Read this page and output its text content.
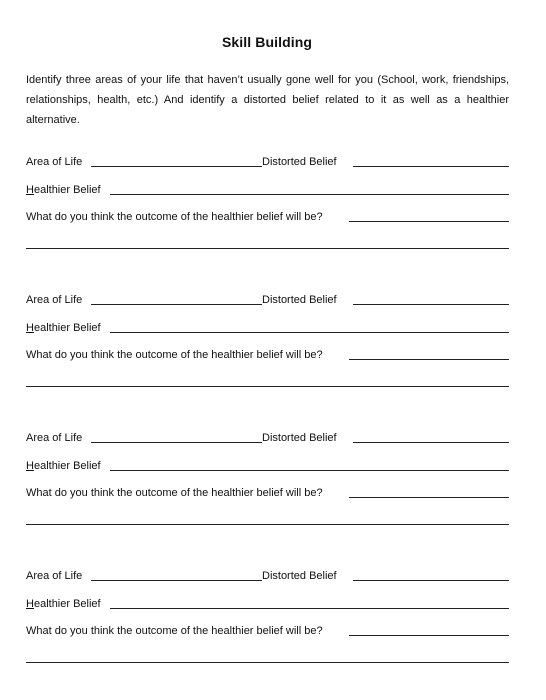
Skill Building
Identify three areas of your life that haven’t usually gone well for you (School, work, friendships, relationships, health, etc.) And identify a distorted belief related to it as well as a healthier alternative.
Area of Life	Distorted Belief
Healthier Belief
What do you think the outcome of the healthier belief will be?
Area of Life	Distorted Belief
Healthier Belief
What do you think the outcome of the healthier belief will be?
Area of Life	Distorted Belief
Healthier Belief
What do you think the outcome of the healthier belief will be?
Area of Life	Distorted Belief
Healthier Belief
What do you think the outcome of the healthier belief will be?
